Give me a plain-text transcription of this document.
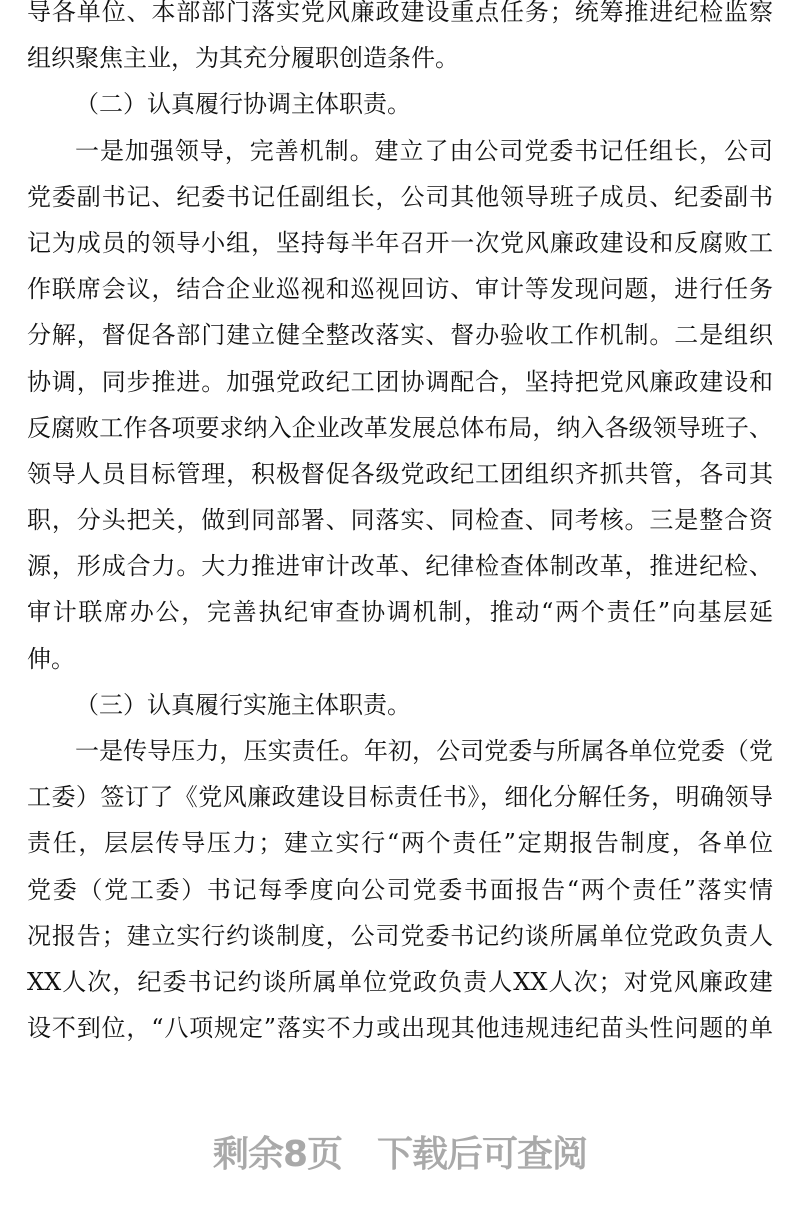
导各单位、本部部门落实党风廉政建设重点任务；统筹推进纪检监察
组织聚焦主业，为其充分履职创造条件。
（二）认真履行协调主体职责。
一是加强领导，完善机制。建立了由公司党委书记任组长，公司
党委副书记、纪委书记任副组长，公司其他领导班子成员、纪委副书
记为成员的领导小组，坚持每半年召开一次党风廉政建设和反腐败工
作联席会议，结合企业巡视和巡视回访、审计等发现问题，进行任务
分解，督促各部门建立健全整改落实、督办验收工作机制。二是组织
协调，同步推进。加强党政纪工团协调配合，坚持把党风廉政建设和
反腐败工作各项要求纳入企业改革发展总体布局，纳入各级领导班子、
领导人员目标管理，积极督促各级党政纪工团组织齐抓共管，各司其
职，分头把关，做到同部署、同落实、同检查、同考核。三是整合资
源，形成合力。大力推进审计改革、纪律检查体制改革，推进纪检、
审计联席办公，完善执纪审查协调机制，推动“两个责任”向基层延
伸。
（三）认真履行实施主体职责。
一是传导压力，压实责任。年初，公司党委与所属各单位党委（党
工委）签订了《党风廉政建设目标责任书》，细化分解任务，明确领导
责任，层层传导压力；建立实行“两个责任”定期报告制度，各单位
党委（党工委）书记每季度向公司党委书面报告“两个责任”落实情
况报告；建立实行约谈制度，公司党委书记约谈所属单位党政负责人
XX人次，纪委书记约谈所属单位党政负责人XX人次；对党风廉政建
设不到位，“八项规定”落实不力或出现其他违规违纪苗头性问题的单
剩余8页　下载后可查阅
